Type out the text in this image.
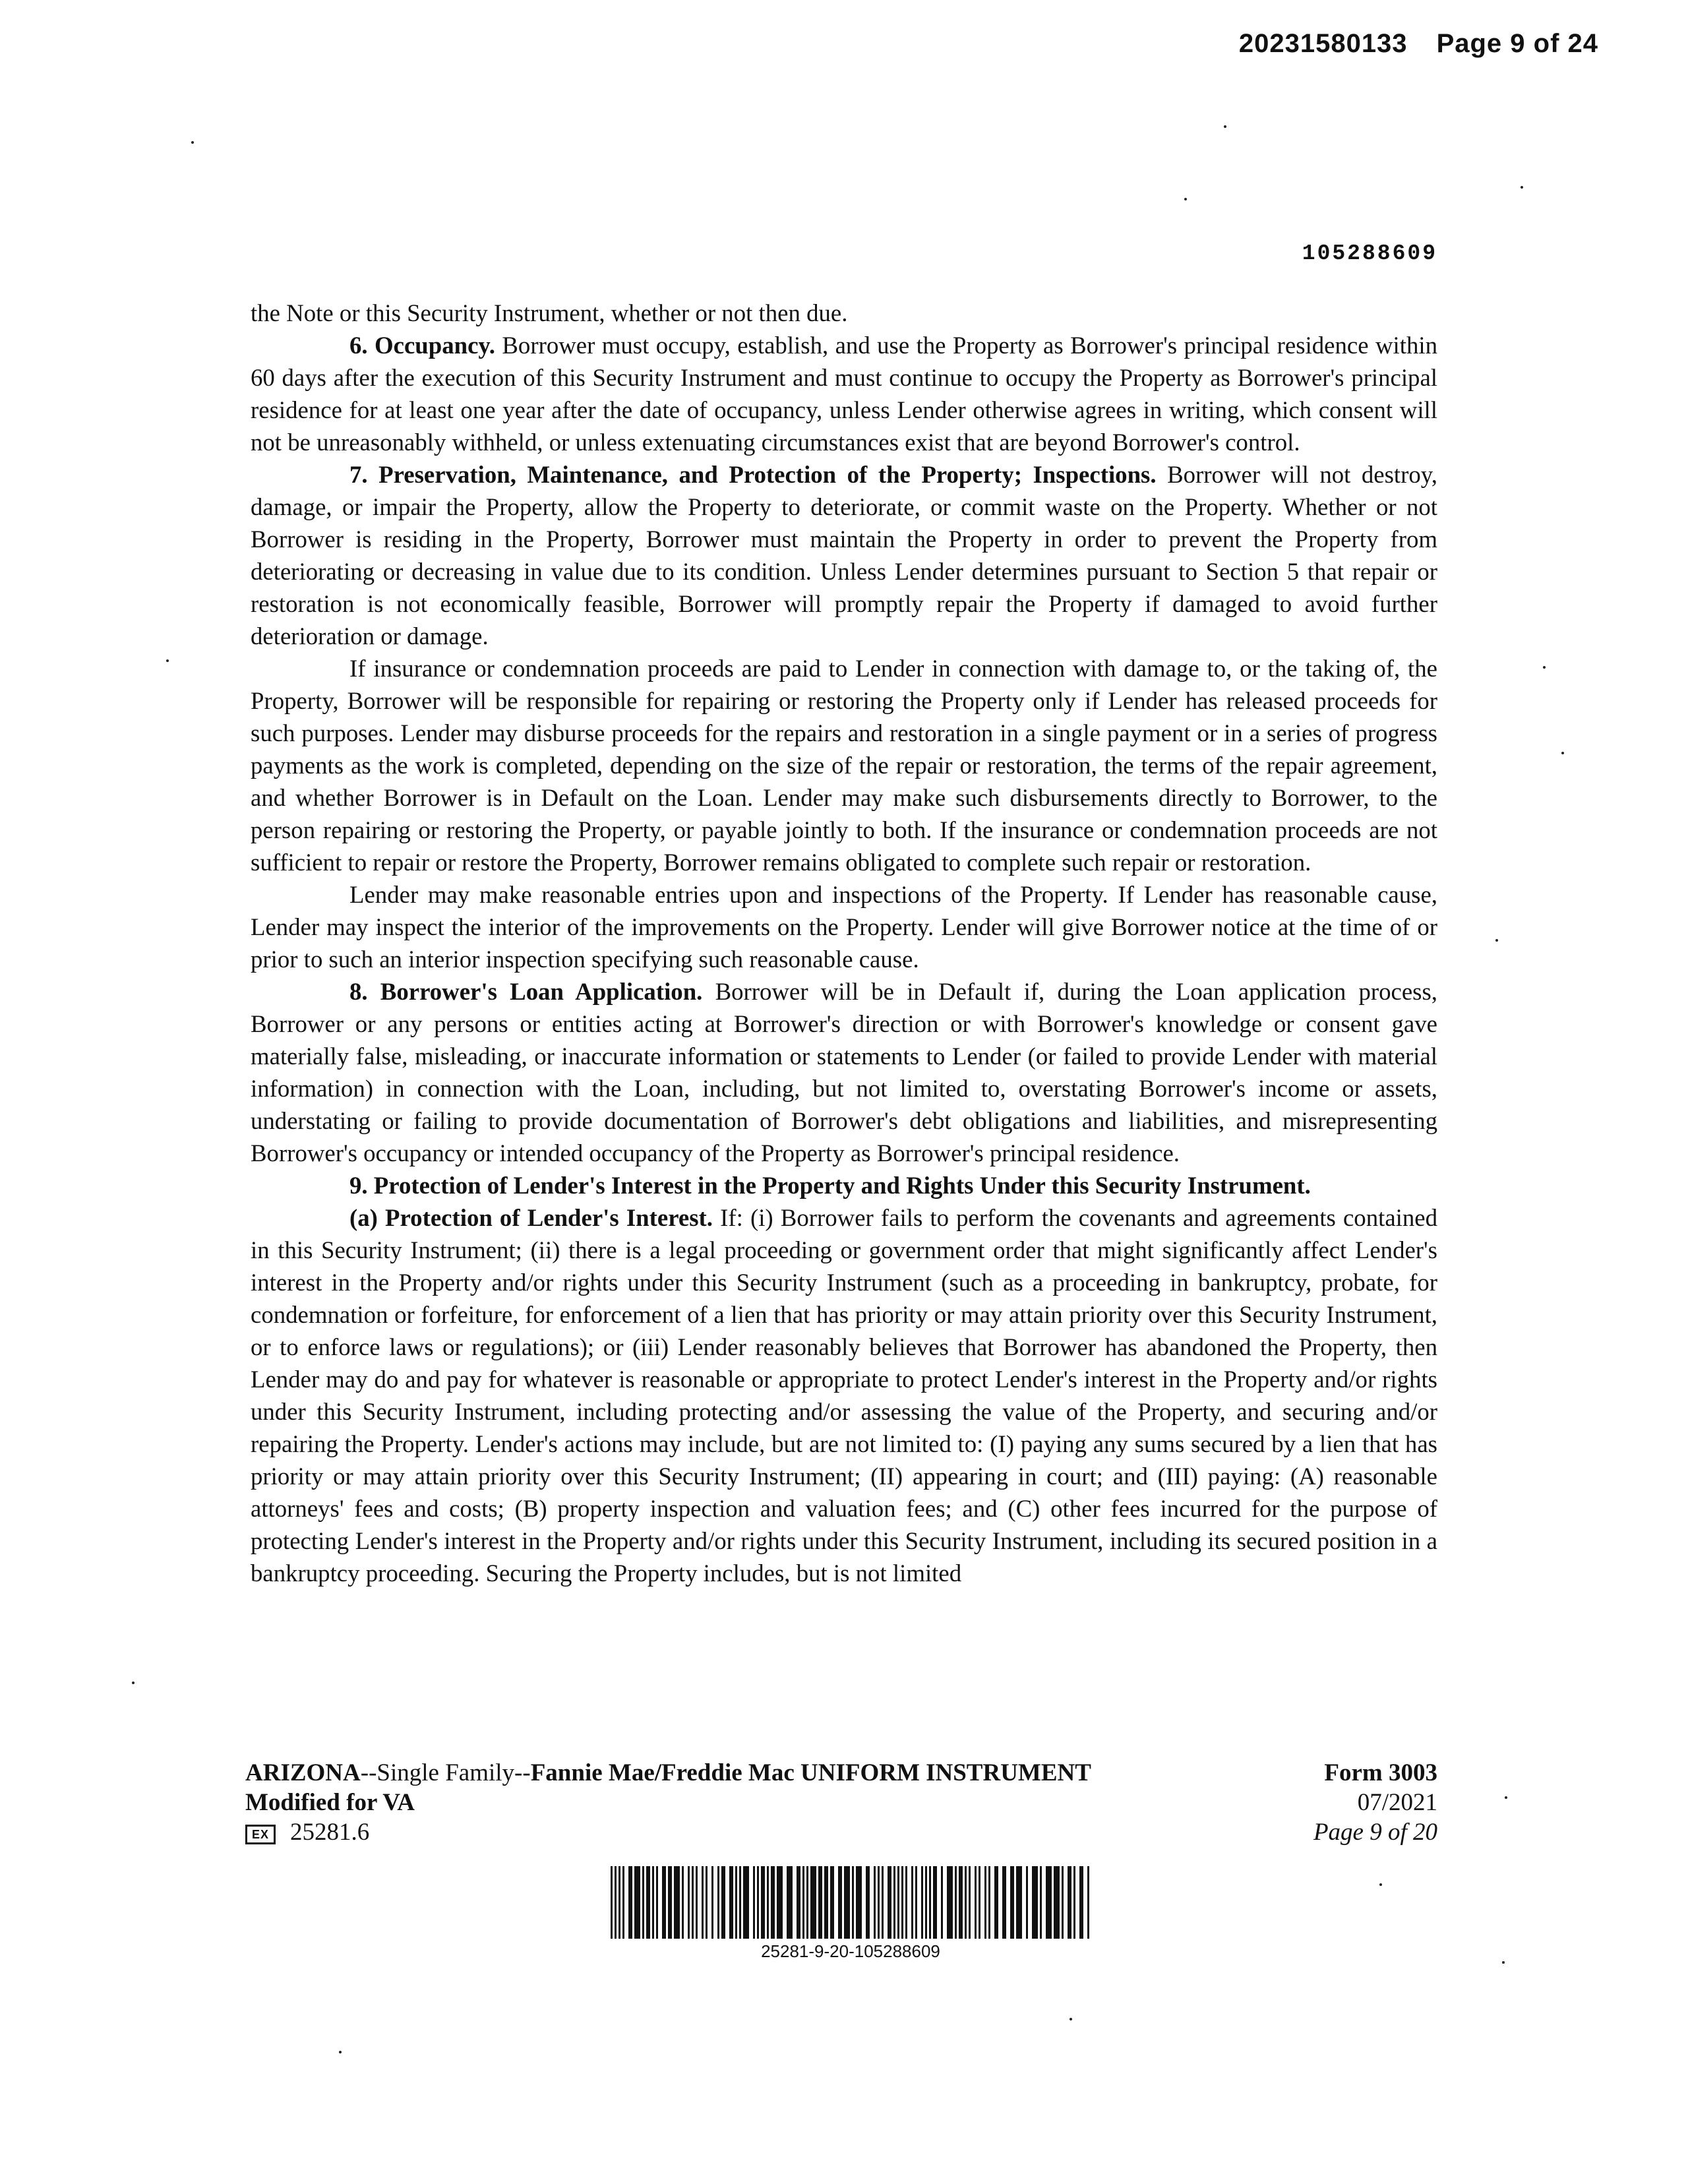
20231580133 Page 9 of 24
105288609

the Note or this Security Instrument, whether or not then due.

6. Occupancy. Borrower must occupy, establish, and use the Property as Borrower's principal residence within 60 days after the execution of this Security Instrument and must continue to occupy the Property as Borrower's principal residence for at least one year after the date of occupancy, unless Lender otherwise agrees in writing, which consent will not be unreasonably withheld, or unless extenuating circumstances exist that are beyond Borrower's control.

7. Preservation, Maintenance, and Protection of the Property; Inspections. Borrower will not destroy, damage, or impair the Property, allow the Property to deteriorate, or commit waste on the Property. Whether or not Borrower is residing in the Property, Borrower must maintain the Property in order to prevent the Property from deteriorating or decreasing in value due to its condition. Unless Lender determines pursuant to Section 5 that repair or restoration is not economically feasible, Borrower will promptly repair the Property if damaged to avoid further deterioration or damage.

If insurance or condemnation proceeds are paid to Lender in connection with damage to, or the taking of, the Property, Borrower will be responsible for repairing or restoring the Property only if Lender has released proceeds for such purposes. Lender may disburse proceeds for the repairs and restoration in a single payment or in a series of progress payments as the work is completed, depending on the size of the repair or restoration, the terms of the repair agreement, and whether Borrower is in Default on the Loan. Lender may make such disbursements directly to Borrower, to the person repairing or restoring the Property, or payable jointly to both. If the insurance or condemnation proceeds are not sufficient to repair or restore the Property, Borrower remains obligated to complete such repair or restoration.

Lender may make reasonable entries upon and inspections of the Property. If Lender has reasonable cause, Lender may inspect the interior of the improvements on the Property. Lender will give Borrower notice at the time of or prior to such an interior inspection specifying such reasonable cause.

8. Borrower's Loan Application. Borrower will be in Default if, during the Loan application process, Borrower or any persons or entities acting at Borrower's direction or with Borrower's knowledge or consent gave materially false, misleading, or inaccurate information or statements to Lender (or failed to provide Lender with material information) in connection with the Loan, including, but not limited to, overstating Borrower's income or assets, understating or failing to provide documentation of Borrower's debt obligations and liabilities, and misrepresenting Borrower's occupancy or intended occupancy of the Property as Borrower's principal residence.

9. Protection of Lender's Interest in the Property and Rights Under this Security Instrument.

(a) Protection of Lender's Interest. If: (i) Borrower fails to perform the covenants and agreements contained in this Security Instrument; (ii) there is a legal proceeding or government order that might significantly affect Lender's interest in the Property and/or rights under this Security Instrument (such as a proceeding in bankruptcy, probate, for condemnation or forfeiture, for enforcement of a lien that has priority or may attain priority over this Security Instrument, or to enforce laws or regulations); or (iii) Lender reasonably believes that Borrower has abandoned the Property, then Lender may do and pay for whatever is reasonable or appropriate to protect Lender's interest in the Property and/or rights under this Security Instrument, including protecting and/or assessing the value of the Property, and securing and/or repairing the Property. Lender's actions may include, but are not limited to: (I) paying any sums secured by a lien that has priority or may attain priority over this Security Instrument; (II) appearing in court; and (III) paying: (A) reasonable attorneys' fees and costs; (B) property inspection and valuation fees; and (C) other fees incurred for the purpose of protecting Lender's interest in the Property and/or rights under this Security Instrument, including its secured position in a bankruptcy proceeding. Securing the Property includes, but is not limited

ARIZONA--Single Family--Fannie Mae/Freddie Mac UNIFORM INSTRUMENT
Modified for VA
EX 25281.6
Form 3003
07/2021
Page 9 of 20
25281-9-20-105288609
